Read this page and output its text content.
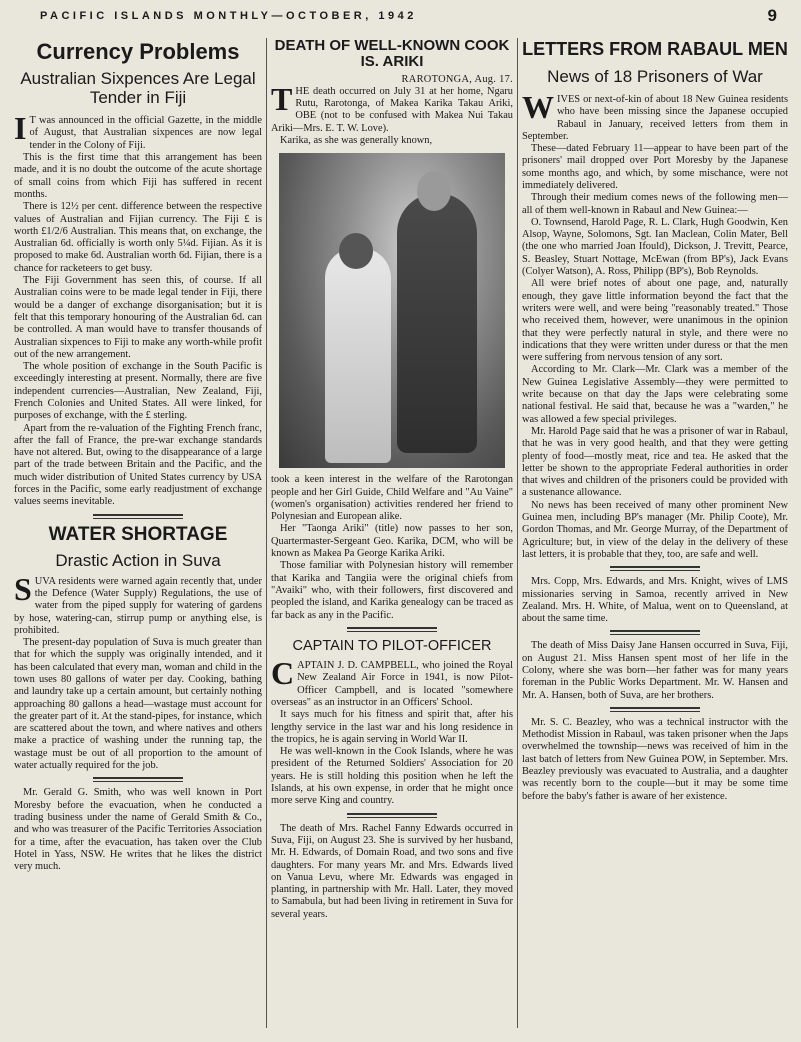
PACIFIC ISLANDS MONTHLY—OCTOBER, 1942	9
Currency Problems
Australian Sixpences Are Legal Tender in Fiji

IT was announced in the official Gazette, in the middle of August, that Australian sixpences are now legal tender in the Colony of Fiji.

This is the first time that this arrangement has been made, and it is no doubt the outcome of the acute shortage of small coins from which Fiji has suffered in recent months.

There is 12½ per cent. difference between the respective values of Australian and Fijian currency. The Fiji £ is worth £1/2/6 Australian. This means that, on exchange, the Australian 6d. officially is worth only 5¼d. Fijian. As it is proposed to make 6d. Australian worth 6d. Fijian, there is a chance for racketeers to get busy.

The Fiji Government has seen this, of course. If all Australian coins were to be made legal tender in Fiji, there would be a danger of exchange disorganisation; but it is felt that this temporary honouring of the Australian 6d. can be controlled. A man would have to transfer thousands of Australian sixpences to Fiji to make any worth-while profit out of the new arrangement.

The whole position of exchange in the South Pacific is exceedingly interesting at present. Normally, there are five independent currencies—Australian, New Zealand, Fiji, French Colonies and United States. All were linked, for purposes of exchange, with the £ sterling.

Apart from the re-valuation of the Fighting French franc, after the fall of France, the pre-war exchange standards have not altered. But, owing to the disappearance of a large part of the trade between Britain and the Pacific, and the much wider distribution of United States currency by USA forces in the Pacific, some early readjustment of exchange values seems inevitable.

WATER SHORTAGE
Drastic Action in Suva

SUVA residents were warned again recently that, under the Defence (Water Supply) Regulations, the use of water from the piped supply for watering of gardens by hose, watering-can, stirrup pump or anything else, is prohibited.

The present-day population of Suva is much greater than that for which the supply was originally intended, and it has been calculated that every man, woman and child in the town uses 80 gallons of water per day. Cooking, bathing and laundry take up a certain amount, but certainly nothing approaching 80 gallons a head—wastage must account for the greater part of it. At the stand-pipes, for instance, which are scattered about the town, and where natives and others make a practice of washing under the running tap, the wastage must be out of all proportion to the amount of water actually required for the job.

Mr. Gerald G. Smith, who was well known in Port Moresby before the evacuation, when he conducted a trading business under the name of Gerald Smith & Co., and who was treasurer of the Pacific Territories Association for a time, after the evacuation, has taken over the Club Hotel in Yass, NSW. He writes that he likes the district very much.

DEATH OF WELL-KNOWN COOK IS. ARIKI
RAROTONGA, Aug. 17.

THE death occurred on July 31 at her home, Ngaru Rutu, Rarotonga, of Makea Karika Takau Ariki, OBE (not to be confused with Makea Nui Takau Ariki—Mrs. E. T. W. Love).

Karika, as she was generally known,

took a keen interest in the welfare of the Rarotongan people and her Girl Guide, Child Welfare and "Au Vaine" (women's organisation) activities rendered her friend to Polynesian and European alike.

Her "Taonga Ariki" (title) now passes to her son, Quartermaster-Sergeant Geo. Karika, DCM, who will be known as Makea Pa George Karika Ariki.

Those familiar with Polynesian history will remember that Karika and Tangiia were the original chiefs from "Avaiki" who, with their followers, first discovered and peopled the island, and Karika genealogy can be traced as far back as any in the Pacific.

CAPTAIN TO PILOT-OFFICER

CAPTAIN J. D. CAMPBELL, who joined the Royal New Zealand Air Force in 1941, is now Pilot-Officer Campbell, and is located "somewhere overseas" as an instructor in an Officers' School.

It says much for his fitness and spirit that, after his lengthy service in the last war and his long residence in the tropics, he is again serving in World War II.

He was well-known in the Cook Islands, where he was president of the Returned Soldiers' Association for 20 years. He is still holding this position when he left the Islands, at his own expense, in order that he might once more serve King and country.

The death of Mrs. Rachel Fanny Edwards occurred in Suva, Fiji, on August 23. She is survived by her husband, Mr. H. Edwards, of Domain Road, and two sons and five daughters. For many years Mr. and Mrs. Edwards lived on Vanua Levu, where Mr. Edwards was engaged in planting, in partnership with Mr. Hall. Later, they moved to Samabula, but had been living in retirement in Suva for several years.

LETTERS FROM RABAUL MEN
News of 18 Prisoners of War

WIVES or next-of-kin of about 18 New Guinea residents who have been missing since the Japanese occupied Rabaul in January, received letters from them in September.

These—dated February 11—appear to have been part of the prisoners' mail dropped over Port Moresby by the Japanese some months ago, and which, by some mischance, were not immediately delivered.

Through their medium comes news of the following men—all of them well-known in Rabaul and New Guinea:—

O. Townsend, Harold Page, R. L. Clark, Hugh Goodwin, Ken Alsop, Wayne, Solomons, Sgt. Ian Maclean, Colin Mater, Bell (the one who married Joan Ifould), Dickson, J. Trevitt, Pearce, S. Beasley, Stuart Nottage, McEwan (from BP's), Jack Evans (Colyer Watson), A. Ross, Philipp (BP's), Bob Reynolds.

All were brief notes of about one page, and, naturally enough, they gave little information beyond the fact that the writers were well, and were being "reasonably treated." Those who received them, however, were unanimous in the opinion that they were perfectly natural in style, and there were no indications that they were written under duress or that the men were suffering from nervous tension of any sort.

According to Mr. Clark—Mr. Clark was a member of the New Guinea Legislative Assembly—they were permitted to write because on that day the Japs were celebrating some national festival. He said that, because he was a "warden," he was allowed a few special privileges.

Mr. Harold Page said that he was a prisoner of war in Rabaul, that he was in very good health, and that they were getting plenty of food—mostly meat, rice and tea. He asked that the letter be shown to the appropriate Federal authorities in order that wives and children of the prisoners could be provided with a sustenance allowance.

No news has been received of many other prominent New Guinea men, including BP's manager (Mr. Philip Coote), Mr. Gordon Thomas, and Mr. George Murray, of the Department of Agriculture; but, in view of the delay in the delivery of these last letters, it is probable that they, too, are safe and well.

Mrs. Copp, Mrs. Edwards, and Mrs. Knight, wives of LMS missionaries serving in Samoa, recently arrived in New Zealand. Mrs. H. White, of Malua, went on to Queensland, at about the same time.

The death of Miss Daisy Jane Hansen occurred in Suva, Fiji, on August 21. Miss Hansen spent most of her life in the Colony, where she was born—her father was for many years foreman in the Public Works Department. Mr. W. Hansen and Mr. A. Hansen, both of Suva, are her brothers.

Mr. S. C. Beazley, who was a technical instructor with the Methodist Mission in Rabaul, was taken prisoner when the Japs overwhelmed the township—news was received of him in the last batch of letters from New Guinea POW, in September. Mrs. Beazley previously was evacuated to Australia, and a daughter was recently born to the couple—but it may be some time before the baby's father is aware of her existence.
